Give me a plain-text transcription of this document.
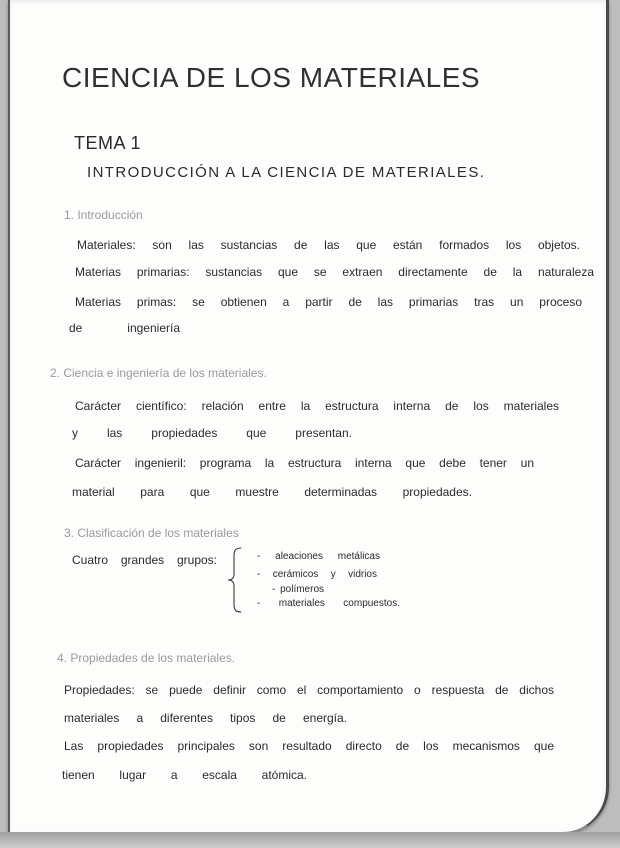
CIENCIA DE LOS MATERIALES
TEMA 1
INTRODUCCIÓN A LA CIENCIA DE MATERIALES.
1. Introducción
Materiales: son las sustancias de las que están formados los objetos.
Materias primarias: sustancias que se extraen directamente de la naturaleza
Materias primas: se obtienen a partir de las primarias tras un proceso
de ingeniería
2. Ciencia e ingeniería de los materiales.
Carácter científico: relación entre la estructura interna de los materiales
y las propiedades que presentan.
Carácter ingenieril: programa la estructura interna que debe tener un
material para que muestre determinadas propiedades.
3. Clasificación de los materiales
Cuatro grandes grupos:	- aleaciones metálicas
- cerámicos y vidrios
- polímeros
- materiales compuestos.
4. Propiedades de los materiales.
Propiedades: se puede definir como el comportamiento o respuesta de dichos
materiales a diferentes tipos de energía.
Las propiedades principales son resultado directo de los mecanismos que
tienen lugar a escala atómica.
